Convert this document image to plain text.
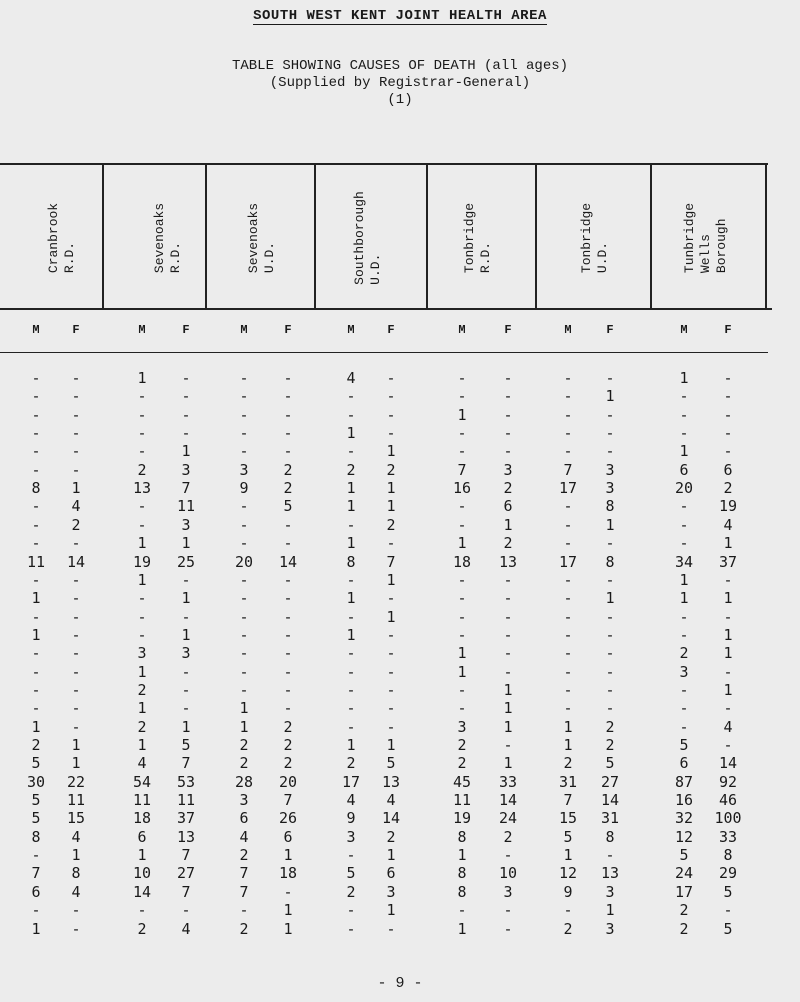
SOUTH WEST KENT JOINT HEALTH AREA
TABLE SHOWING CAUSES OF DEATH (all ages)
(Supplied by Registrar-General)
(1)
Cranbrook R.D.	Sevenoaks R.D.	Sevenoaks U.D.	Southborough U.D.	Tonbridge R.D.	Tonbridge U.D.	Tunbridge Wells Borough
M	F	M	F	M	F	M	F	M	F	M	F	M	F
-	-	1	-	-	-	4	-	-	-	-	-	1	-
-	-	-	-	-	-	-	-	-	-	-	1	-	-
-	-	-	-	-	-	-	-	1	-	-	-	-	-
-	-	-	-	-	-	1	-	-	-	-	-	-	-
-	-	-	1	-	-	-	1	-	-	-	-	1	-
-	-	2	3	3	2	2	2	7	3	7	3	6	6
8	1	13	7	9	2	1	1	16	2	17	3	20	2
-	4	-	11	-	5	1	1	-	6	-	8	-	19
-	2	-	3	-	-	-	2	-	1	-	1	-	4
-	-	1	1	-	-	1	-	1	2	-	-	-	1
11	14	19	25	20	14	8	7	18	13	17	8	34	37
-	-	1	-	-	-	-	1	-	-	-	-	1	-
1	-	-	1	-	-	1	-	-	-	-	1	1	1
-	-	-	-	-	-	-	1	-	-	-	-	-	-
1	-	-	1	-	-	1	-	-	-	-	-	-	1
-	-	3	3	-	-	-	-	1	-	-	-	2	1
-	-	1	-	-	-	-	-	1	-	-	-	3	-
-	-	2	-	-	-	-	-	-	1	-	-	-	1
-	-	1	-	1	-	-	-	-	1	-	-	-	-
1	-	2	1	1	2	-	-	3	1	1	2	-	4
2	1	1	5	2	2	1	1	2	-	1	2	5	-
5	1	4	7	2	2	2	5	2	1	2	5	6	14
30	22	54	53	28	20	17	13	45	33	31	27	87	92
5	11	11	11	3	7	4	4	11	14	7	14	16	46
5	15	18	37	6	26	9	14	19	24	15	31	32	100
8	4	6	13	4	6	3	2	8	2	5	8	12	33
-	1	1	7	2	1	-	1	1	-	1	-	5	8
7	8	10	27	7	18	5	6	8	10	12	13	24	29
6	4	14	7	7	-	2	3	8	3	9	3	17	5
-	-	-	-	-	1	-	1	-	-	-	1	2	-
1	-	2	4	2	1	-	-	1	-	2	3	2	5
- 9 -
